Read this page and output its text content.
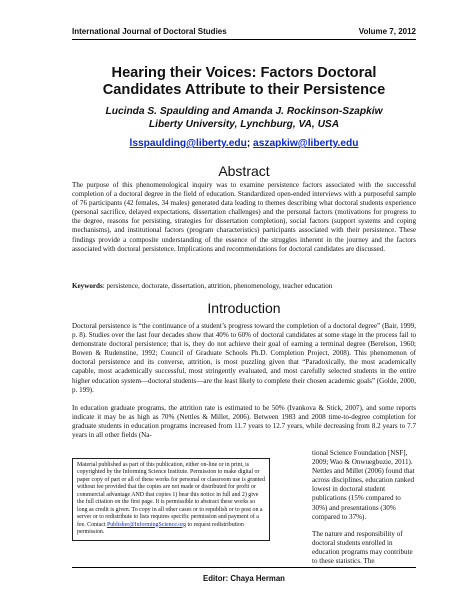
International Journal of Doctoral Studies	Volume 7, 2012
Hearing their Voices: Factors Doctoral Candidates Attribute to their Persistence
Lucinda S. Spaulding and Amanda J. Rockinson-Szapkiw
Liberty University, Lynchburg, VA, USA
lsspaulding@liberty.edu; aszapkiw@liberty.edu
Abstract

The purpose of this phenomenological inquiry was to examine persistence factors associated with the successful completion of a doctoral degree in the field of education. Standardized open-ended interviews with a purposeful sample of 76 participants (42 females, 34 males) generated data leading to themes describing what doctoral students experience (personal sacrifice, delayed expectations, dissertation challenges) and the personal factors (motivations for progress to the degree, reasons for persisting, strategies for dissertation completion), social factors (support systems and coping mechanisms), and institutional factors (program characteristics) participants associated with their persistence. These findings provide a composite understanding of the essence of the struggles inherent in the journey and the factors associated with doctoral persistence. Implications and recommendations for doctoral candidates are discussed.

Keywords: persistence, doctorate, dissertation, attrition, phenomenology, teacher education

Introduction

Doctoral persistence is “the continuance of a student’s progress toward the completion of a doctoral degree” (Bair, 1999, p. 8). Studies over the last four decades show that 40% to 60% of doctoral candidates at some stage in the process fail to demonstrate doctoral persistence; that is, they do not achieve their goal of earning a terminal degree (Berelson, 1960; Bowen & Rudenstine, 1992; Council of Graduate Schools Ph.D. Completion Project, 2008). This phenomenon of doctoral persistence and its converse, attrition, is most puzzling given that “Paradoxically, the most academically capable, most academically successful, most stringently evaluated, and most carefully selected students in the entire higher education system—doctoral students—are the least likely to complete their chosen academic goals” (Golde, 2000, p. 199).

In education graduate programs, the attrition rate is estimated to be 50% (Ivankova & Stick, 2007), and some reports indicate it may be as high as 70% (Nettles & Millet, 2006). Between 1983 and 2008 time-to-degree completion for graduate students in education programs increased from 11.7 years to 12.7 years, while decreasing from 8.2 years to 7.7 years in all other fields (Na-

Material published as part of this publication, either on-line or in print, is copyrighted by the Informing Science Institute. Permission to make digital or paper copy of part or all of these works for personal or classroom use is granted without fee provided that the copies are not made or distributed for profit or commercial advantage AND that copies 1) bear this notice in full and 2) give the full citation on the first page. It is permissible to abstract these works so long as credit is given. To copy in all other cases or to republish or to post on a server or to redistribute to lists requires specific permission and payment of a fee. Contact Publisher@InformingScience.org to request redistribution permission.

tional Science Foundation [NSF], 2009; Wao & Onwuegbuzie, 2011). Nettles and Millet (2006) found that across disciplines, education ranked lowest in doctoral student publications (15% compared to 30%) and presentations (30% compared to 37%).

The nature and responsibility of doctoral students enrolled in education programs may contribute to these statistics. The

Editor: Chaya Herman
